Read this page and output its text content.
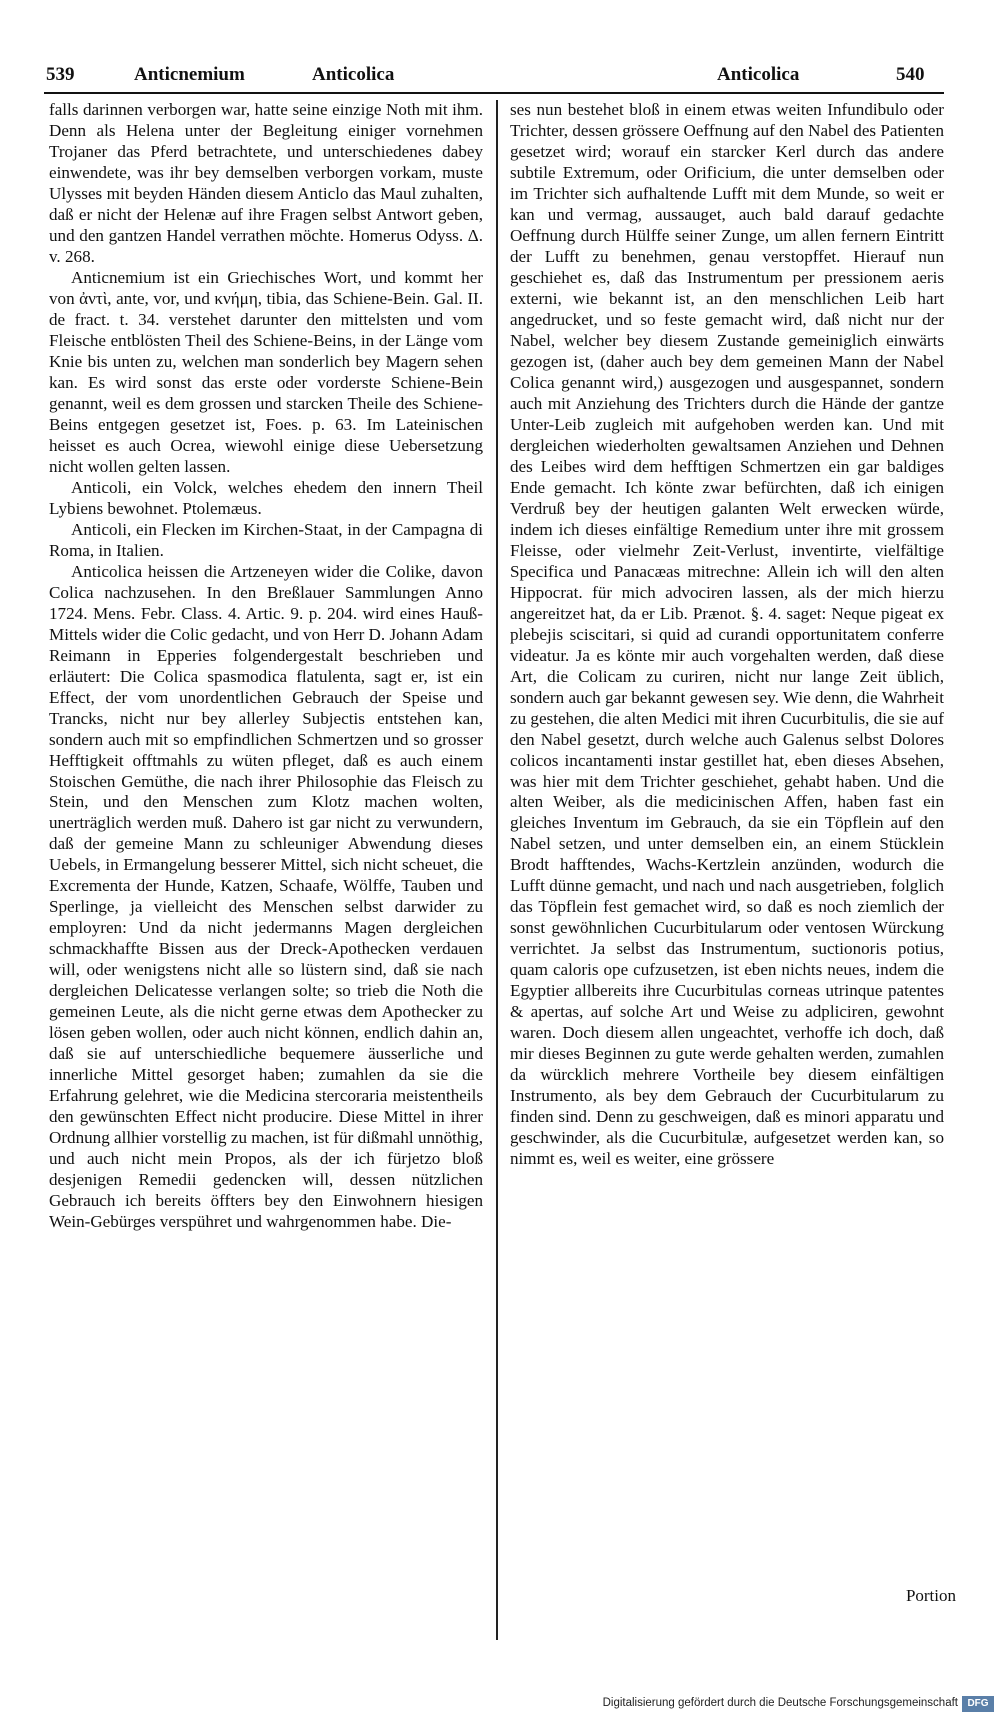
539	Anticnemium	Anticolica	Anticolica	540

falls darinnen verborgen war, hatte seine einzige Noth mit ihm. Denn als Helena unter der Begleitung einiger vornehmen Trojaner das Pferd betrachtete, und unterschiedenes dabey einwendete, was ihr bey demselben verborgen vorkam, muste Ulysses mit beyden Händen diesem Anticlo das Maul zuhalten, daß er nicht der Helenæ auf ihre Fragen selbst Antwort geben, und den gantzen Handel verrathen möchte. Homerus Odyss. Δ. v. 268.

Anticnemium ist ein Griechisches Wort, und kommt her von ἀντὶ, ante, vor, und κνήμη, tibia, das Schiene-Bein. Gal. II. de fract. t. 34. verstehet darunter den mittelsten und vom Fleische entblösten Theil des Schiene-Beins, in der Länge vom Knie bis unten zu, welchen man sonderlich bey Magern sehen kan. Es wird sonst das erste oder vorderste Schiene-Bein genannt, weil es dem grossen und starcken Theile des Schiene-Beins entgegen gesetzet ist, Foes. p. 63. Im Lateinischen heisset es auch Ocrea, wiewohl einige diese Uebersetzung nicht wollen gelten lassen.

Anticoli, ein Volck, welches ehedem den innern Theil Lybiens bewohnet. Ptolemæus.

Anticoli, ein Flecken im Kirchen-Staat, in der Campagna di Roma, in Italien.

Anticolica heissen die Artzeneyen wider die Colike, davon Colica nachzusehen. In den Breßlauer Sammlungen Anno 1724. Mens. Febr. Class. 4. Artic. 9. p. 204. wird eines Hauß-Mittels wider die Colic gedacht, und von Herr D. Johann Adam Reimann in Epperies folgendergestalt beschrieben und erläutert: Die Colica spasmodica flatulenta, sagt er, ist ein Effect, der vom unordentlichen Gebrauch der Speise und Trancks, nicht nur bey allerley Subjectis entstehen kan, sondern auch mit so empfindlichen Schmertzen und so grosser Hefftigkeit offtmahls zu wüten pfleget, daß es auch einem Stoischen Gemüthe, die nach ihrer Philosophie das Fleisch zu Stein, und den Menschen zum Klotz machen wolten, unerträglich werden muß. Dahero ist gar nicht zu verwundern, daß der gemeine Mann zu schleuniger Abwendung dieses Uebels, in Ermangelung besserer Mittel, sich nicht scheuet, die Excrementa der Hunde, Katzen, Schaafe, Wölffe, Tauben und Sperlinge, ja vielleicht des Menschen selbst darwider zu employren: Und da nicht jedermanns Magen dergleichen schmackhaffte Bissen aus der Dreck-Apothecken verdauen will, oder wenigstens nicht alle so lüstern sind, daß sie nach dergleichen Delicatesse verlangen solte; so trieb die Noth die gemeinen Leute, als die nicht gerne etwas dem Apothecker zu lösen geben wollen, oder auch nicht können, endlich dahin an, daß sie auf unterschiedliche bequemere äusserliche und innerliche Mittel gesorget haben; zumahlen da sie die Erfahrung gelehret, wie die Medicina stercoraria meistentheils den gewünschten Effect nicht producire. Diese Mittel in ihrer Ordnung allhier vorstellig zu machen, ist für dißmahl unnöthig, und auch nicht mein Propos, als der ich fürjetzo bloß desjenigen Remedii gedencken will, dessen nützlichen Gebrauch ich bereits öffters bey den Einwohnern hiesigen Wein-Gebürges verspühret und wahrgenommen habe. Die-

ses nun bestehet bloß in einem etwas weiten Infundibulo oder Trichter, dessen grössere Oeffnung auf den Nabel des Patienten gesetzet wird; worauf ein starcker Kerl durch das andere subtile Extremum, oder Orificium, die unter demselben oder im Trichter sich aufhaltende Lufft mit dem Munde, so weit er kan und vermag, aussauget, auch bald darauf gedachte Oeffnung durch Hülffe seiner Zunge, um allen fernern Eintritt der Lufft zu benehmen, genau verstopffet. Hierauf nun geschiehet es, daß das Instrumentum per pressionem aeris externi, wie bekannt ist, an den menschlichen Leib hart angedrucket, und so feste gemacht wird, daß nicht nur der Nabel, welcher bey diesem Zustande gemeiniglich einwärts gezogen ist, (daher auch bey dem gemeinen Mann der Nabel Colica genannt wird,) ausgezogen und ausgespannet, sondern auch mit Anziehung des Trichters durch die Hände der gantze Unter-Leib zugleich mit aufgehoben werden kan. Und mit dergleichen wiederholten gewaltsamen Anziehen und Dehnen des Leibes wird dem hefftigen Schmertzen ein gar baldiges Ende gemacht. Ich könte zwar befürchten, daß ich einigen Verdruß bey der heutigen galanten Welt erwecken würde, indem ich dieses einfältige Remedium unter ihre mit grossem Fleisse, oder vielmehr Zeit-Verlust, inventirte, vielfältige Specifica und Panacæas mitrechne: Allein ich will den alten Hippocrat. für mich advociren lassen, als der mich hierzu angereitzet hat, da er Lib. Prænot. §. 4. saget: Neque pigeat ex plebejis sciscitari, si quid ad curandi opportunitatem conferre videatur. Ja es könte mir auch vorgehalten werden, daß diese Art, die Colicam zu curiren, nicht nur lange Zeit üblich, sondern auch gar bekannt gewesen sey. Wie denn, die Wahrheit zu gestehen, die alten Medici mit ihren Cucurbitulis, die sie auf den Nabel gesetzt, durch welche auch Galenus selbst Dolores colicos incantamenti instar gestillet hat, eben dieses Absehen, was hier mit dem Trichter geschiehet, gehabt haben. Und die alten Weiber, als die medicinischen Affen, haben fast ein gleiches Inventum im Gebrauch, da sie ein Töpflein auf den Nabel setzen, und unter demselben ein, an einem Stücklein Brodt hafftendes, Wachs-Kertzlein anzünden, wodurch die Lufft dünne gemacht, und nach und nach ausgetrieben, folglich das Töpflein fest gemachet wird, so daß es noch ziemlich der sonst gewöhnlichen Cucurbitularum oder ventosen Würckung verrichtet. Ja selbst das Instrumentum, suctionoris potius, quam caloris ope cufzusetzen, ist eben nichts neues, indem die Egyptier allbereits ihre Cucurbitulas corneas utrinque patentes & apertas, auf solche Art und Weise zu adpliciren, gewohnt waren. Doch diesem allen ungeachtet, verhoffe ich doch, daß mir dieses Beginnen zu gute werde gehalten werden, zumahlen da würcklich mehrere Vortheile bey diesem einfältigen Instrumento, als bey dem Gebrauch der Cucurbitularum zu finden sind. Denn zu geschweigen, daß es minori apparatu und geschwinder, als die Cucurbitulæ, aufgesetzet werden kan, so nimmt es, weil es weiter, eine grössere

Portion
Digitalisierung gefördert durch die Deutsche Forschungsgemeinschaft DFG
